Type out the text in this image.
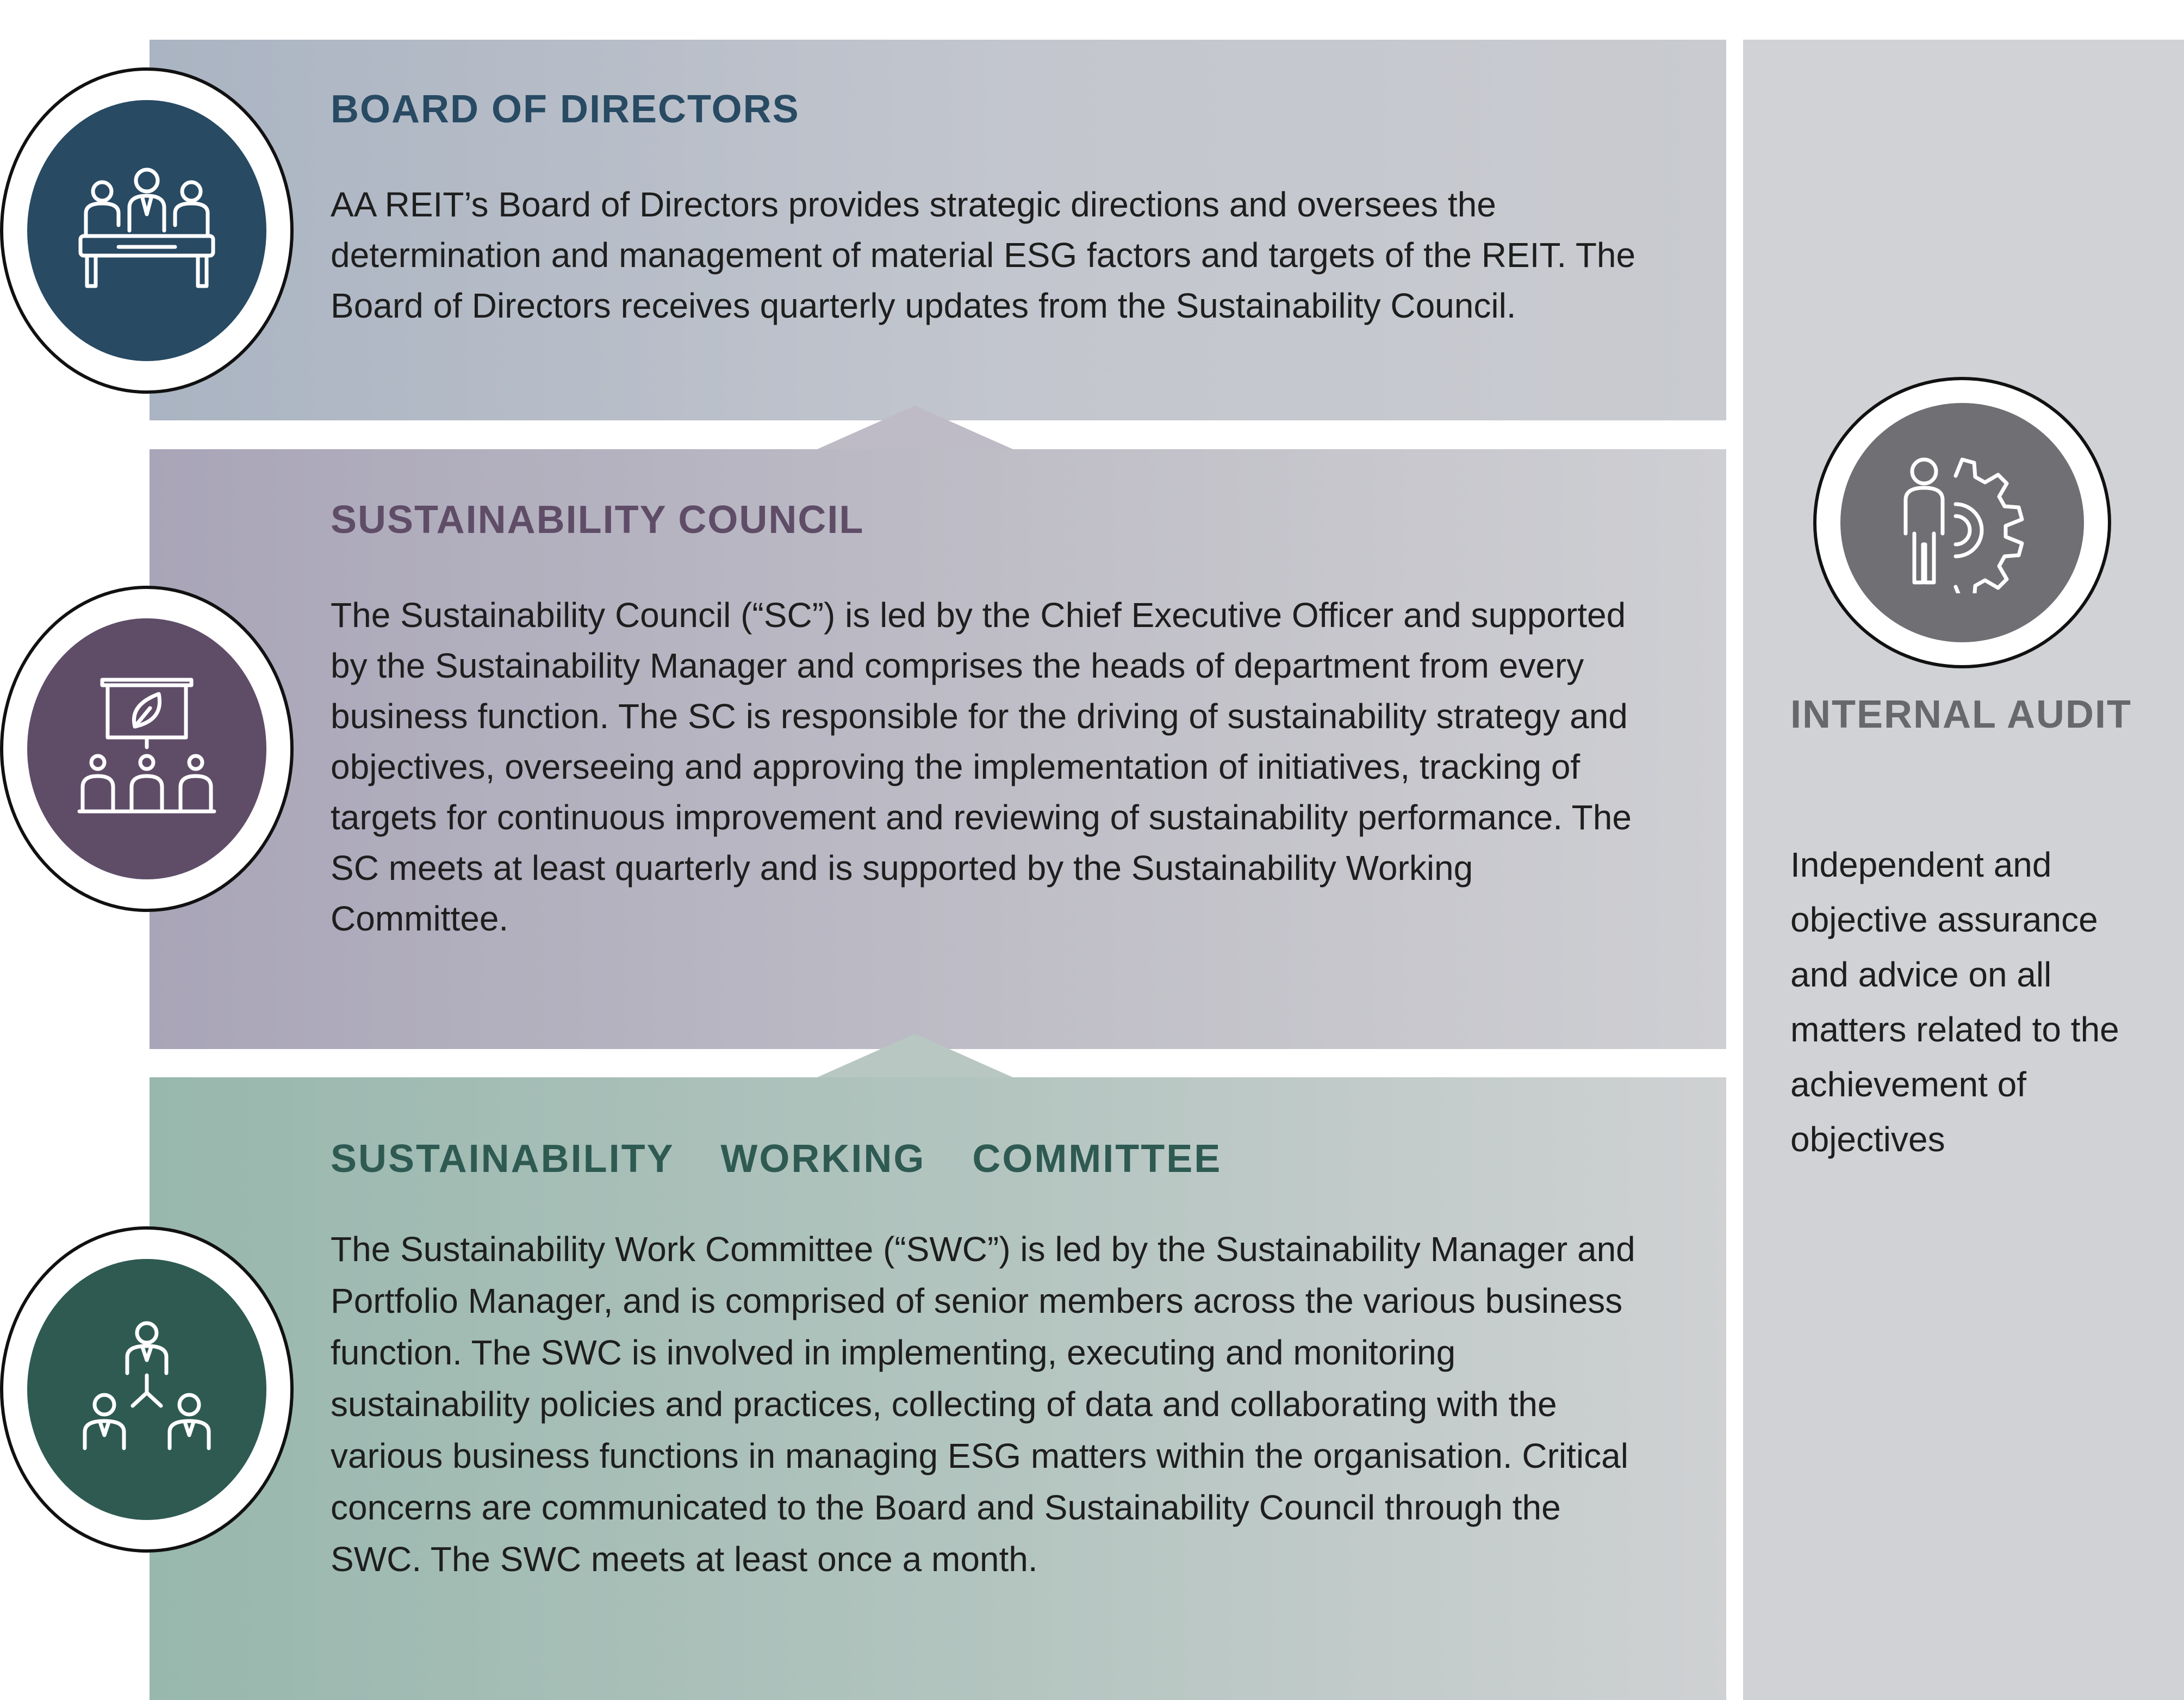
BOARD OF DIRECTORS

AA REIT’s Board of Directors provides strategic directions and oversees the determination and management of material ESG factors and targets of the REIT. The Board of Directors receives quarterly updates from the Sustainability Council.

SUSTAINABILITY COUNCIL

The Sustainability Council (“SC”) is led by the Chief Executive Officer and supported by the Sustainability Manager and comprises the heads of department from every business function. The SC is responsible for the driving of sustainability strategy and objectives, overseeing and approving the implementation of initiatives, tracking of targets for continuous improvement and reviewing of sustainability performance. The SC meets at least quarterly and is supported by the Sustainability Working Committee.

SUSTAINABILITY  WORKING  COMMITTEE

The Sustainability Work Committee (“SWC”) is led by the Sustainability Manager and Portfolio Manager, and is comprised of senior members across the various business function. The SWC is involved in implementing, executing and monitoring sustainability policies and practices, collecting of data and collaborating with the various business functions in managing ESG matters within the organisation. Critical concerns are communicated to the Board and Sustainability Council through the SWC. The SWC meets at least once a month.

INTERNAL AUDIT

Independent and objective assurance and advice on all matters related to the achievement of objectives
